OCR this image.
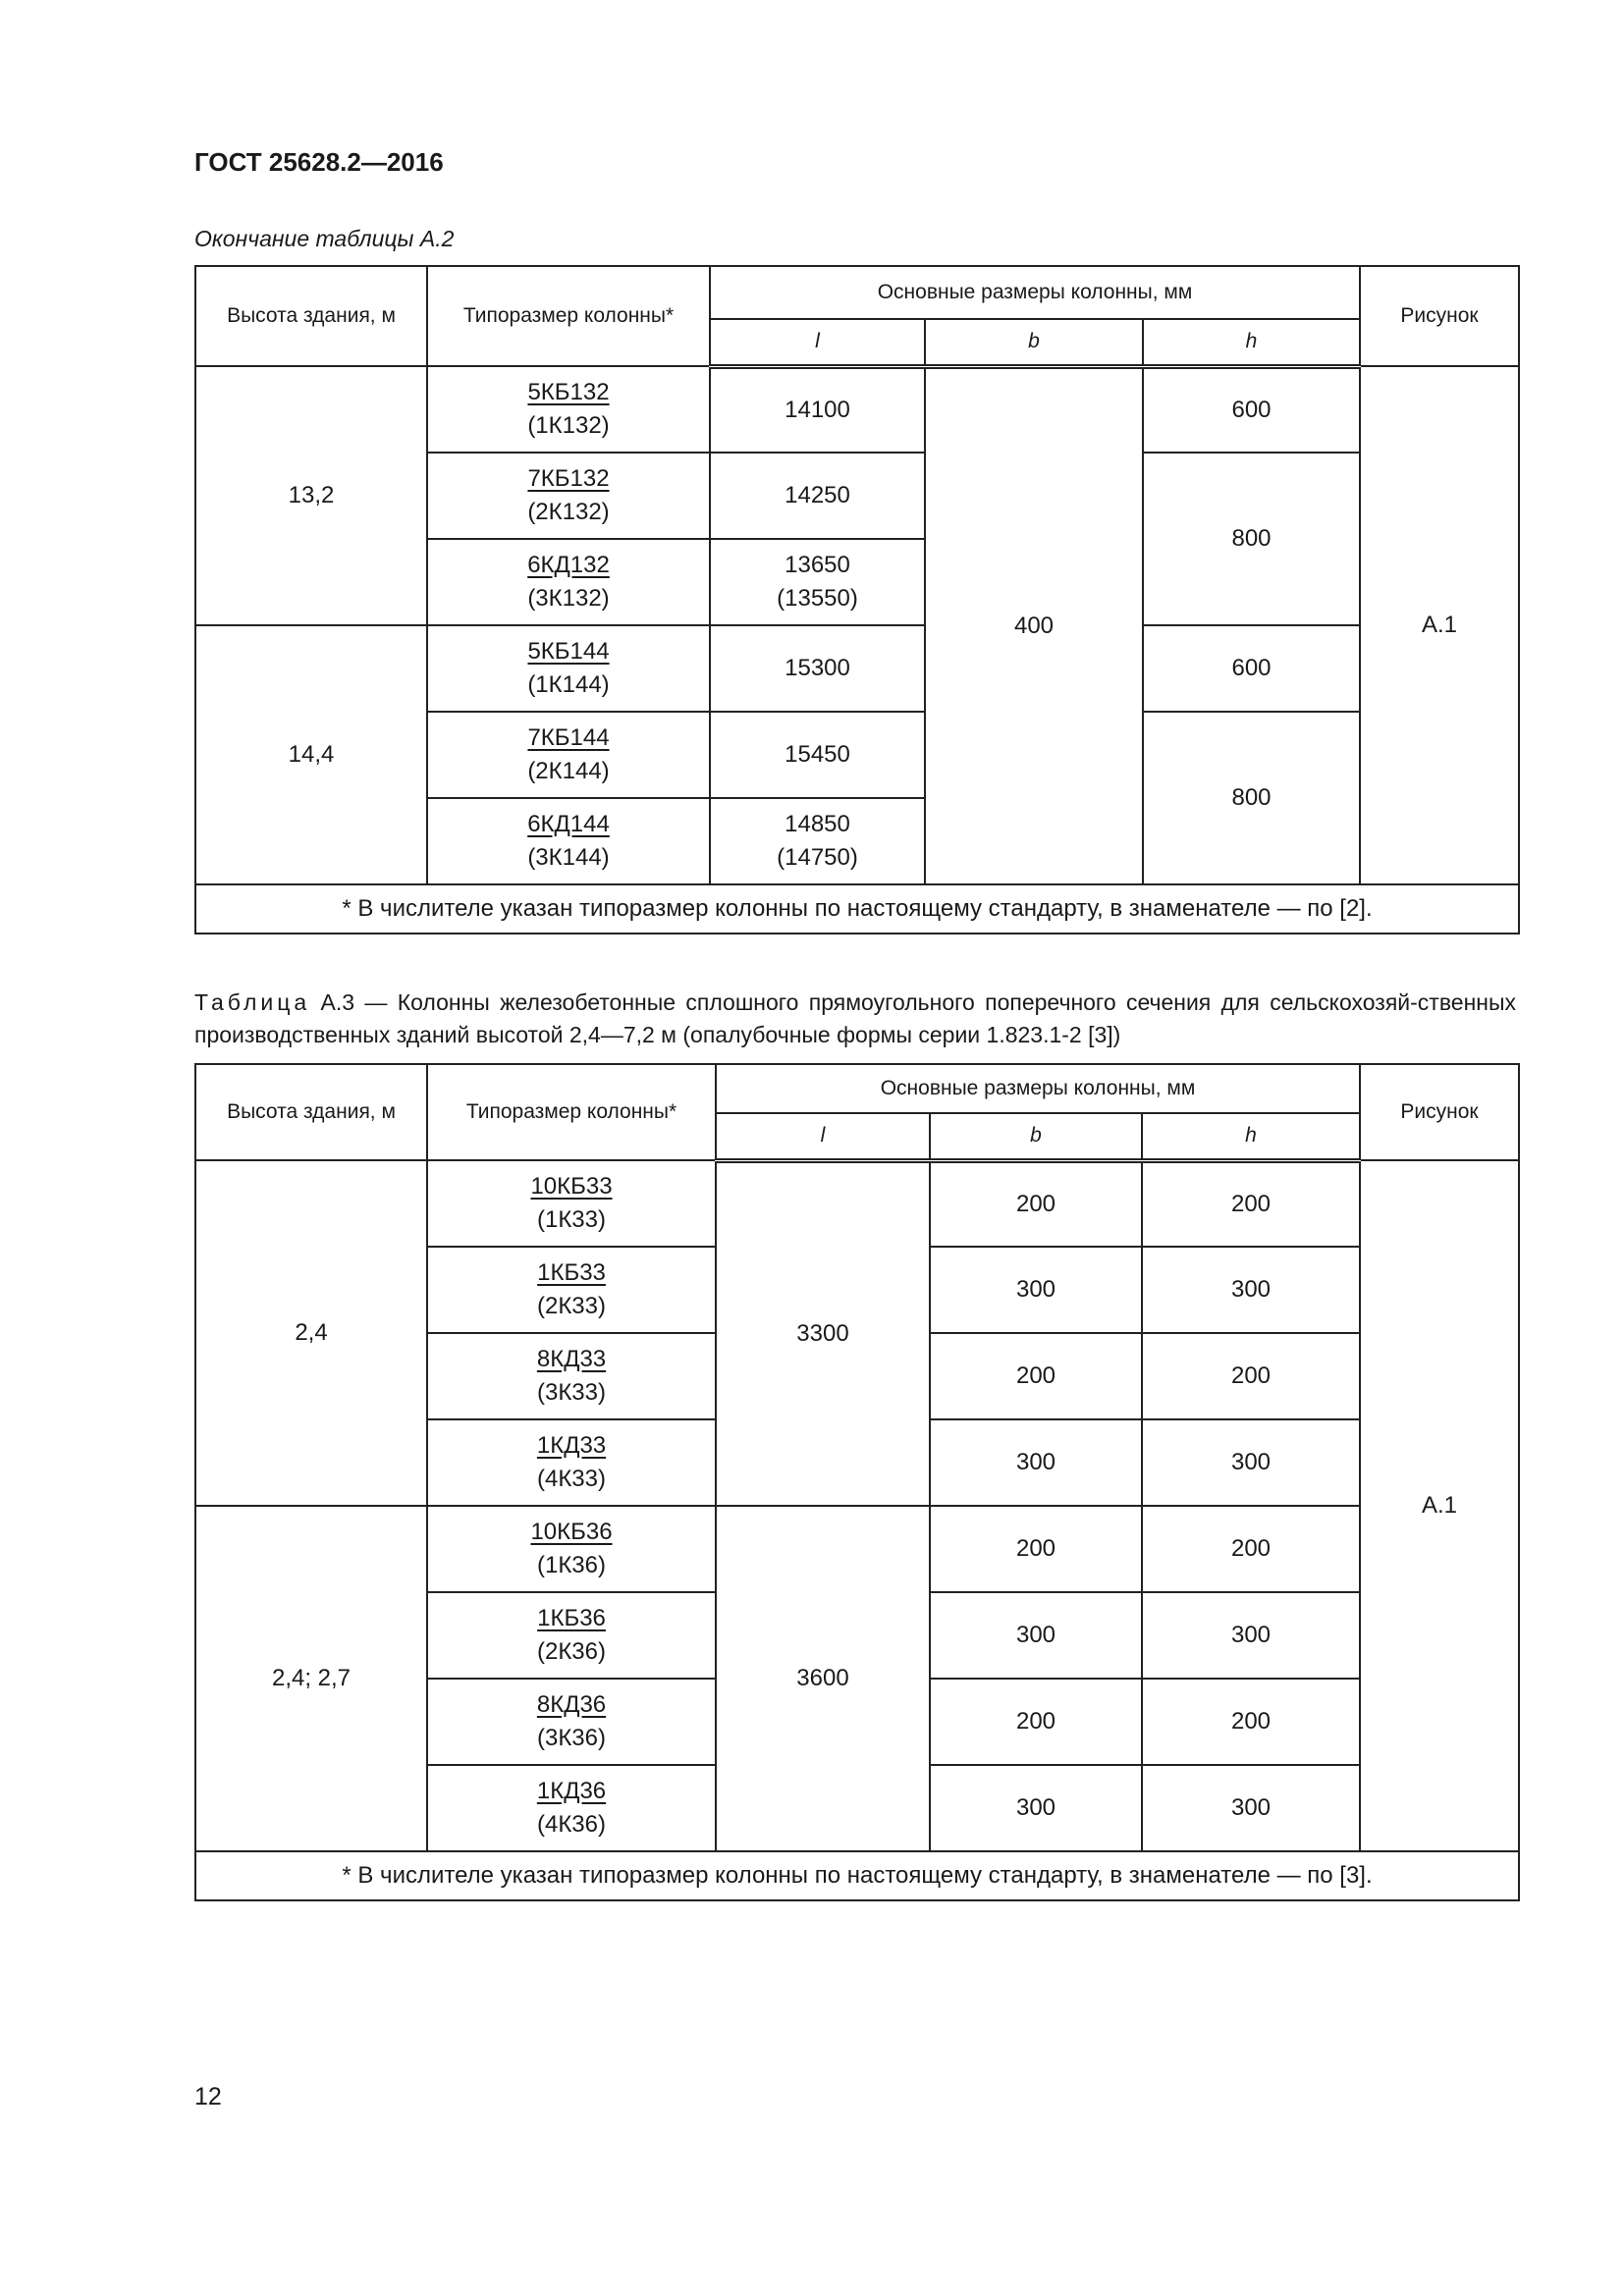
ГОСТ 25628.2—2016
Окончание таблицы А.2
Высота здания, м	Типоразмер колонны*	Основные размеры колонны, мм			Рисунок
		l	b	h	
13,2	5КБ132
(1К132)	14100	400	600	А.1
	7КБ132
(2К132)	14250		800	
	6КД132
(3К132)	13650
(13550)			

14,4	5КБ144
(1К144)	15300		600	
	7КБ144
(2К144)	15450		800	
	6КД144
(3К144)	14850
(14750)			

* В числителе указан типоразмер колонны по настоящему стандарту, в знаменателе — по [2].					
Таблица А.3 — Колонны железобетонные сплошного прямоугольного поперечного сечения для сельскохозяй-ственных производственных зданий высотой 2,4—7,2 м (опалубочные формы серии 1.823.1-2 [3])
Высота здания, м	Типоразмер колонны*	Основные размеры колонны, мм			Рисунок
		l	b	h	
2,4	10КБ33
(1К33)	3300	200	200	А.1
	1КБ33
(2К33)		300	300	
	8КД33
(3К33)		200	200	
	1КД33
(4К33)		300	300	
2,4; 2,7	10КБ36
(1К36)	3600	200	200	
	1КБ36
(2К36)		300	300	
	8КД36
(3К36)		200	200	
	1КД36
(4К36)		300	300	
* В числителе указан типоразмер колонны по настоящему стандарту, в знаменателе — по [3].					
12
